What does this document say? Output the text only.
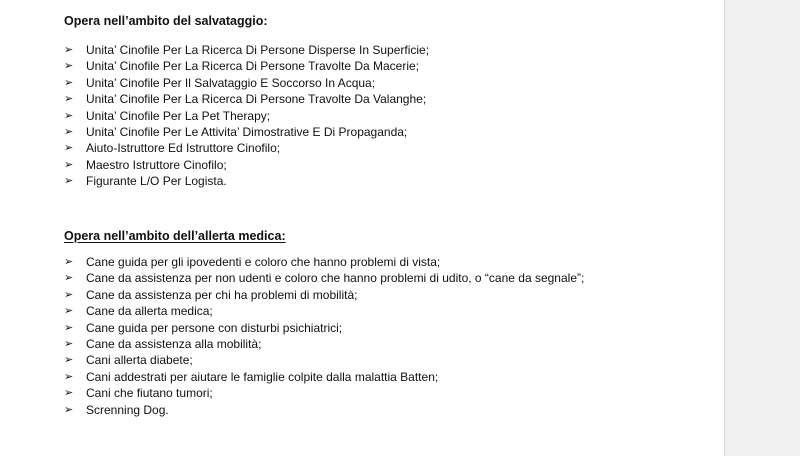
Opera nell’ambito del salvataggio:
➢	Unita’ Cinofile Per La Ricerca Di Persone Disperse In Superficie;
➢	Unita’ Cinofile Per La Ricerca Di Persone Travolte Da Macerie;
➢	Unita’ Cinofile Per Il Salvataggio E Soccorso In Acqua;
➢	Unita’ Cinofile Per La Ricerca Di Persone Travolte Da Valanghe;
➢	Unita’ Cinofile Per La Pet Therapy;
➢	Unita’ Cinofile Per Le Attivita’ Dimostrative E Di Propaganda;
➢	Aiuto-Istruttore Ed Istruttore Cinofilo;
➢	Maestro Istruttore Cinofilo;
➢	Figurante L/O Per Logista.
Opera nell’ambito dell’allerta medica:
➢	Cane guida per gli ipovedenti e coloro che hanno problemi di vista;
➢	Cane da assistenza per non udenti e coloro che hanno problemi di udito, o “cane da segnale”;
➢	Cane da assistenza per chi ha problemi di mobilità;
➢	Cane da allerta medica;
➢	Cane guida per persone con disturbi psichiatrici;
➢	Cane da assistenza alla mobilità;
➢	Cani allerta diabete;
➢	Cani addestrati per aiutare le famiglie colpite dalla malattia Batten;
➢	Cani che fiutano tumori;
➢	Screnning Dog.
